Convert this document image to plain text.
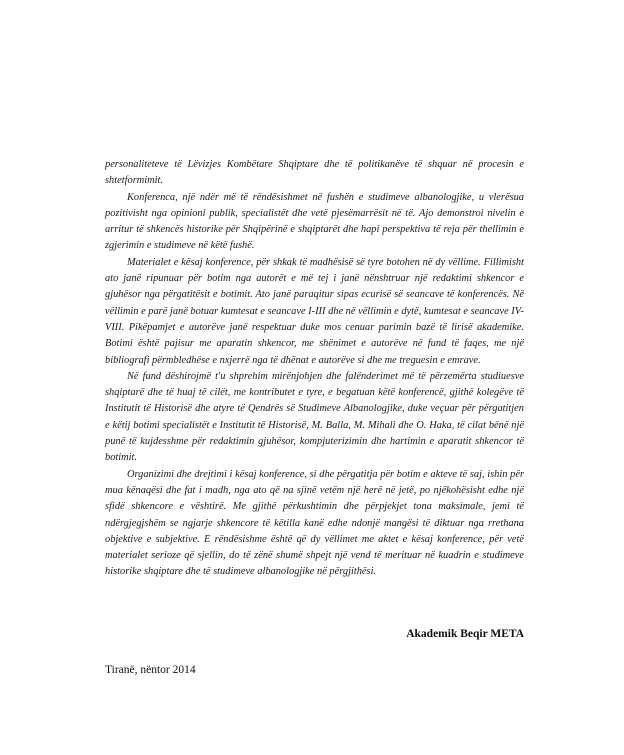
personaliteteve të Lëvizjes Kombëtare Shqiptare dhe të politikanëve të shquar në procesin e shtetformimit.

Konferenca, një ndër më të rëndësishmet në fushën e studimeve albanologjike, u vlerësua pozitivisht nga opinioni publik, specialistët dhe vetë pjesëmarrësit në të. Ajo demonstroi nivelin e arritur të shkencës historike për Shqipërinë e shqiptarët dhe hapi perspektiva të reja për thellimin e zgjerimin e studimeve në këtë fushë.

Materialet e kësaj konference, për shkak të madhësisë së tyre botohen në dy vëllime. Fillimisht ato janë ripunuar për botim nga autorët e më tej i janë nënshtruar një redaktimi shkencor e gjuhësor nga përgatitësit e botimit. Ato janë paraqitur sipas ecurisë së seancave të konferencës. Në vëllimin e parë janë botuar kumtesat e seancave I-III dhe në vëllimin e dytë, kumtesat e seancave IV-VIII. Pikëpamjet e autorëve janë respektuar duke mos cenuar parimin bazë të lirisë akademike. Botimi është pajisur me aparatin shkencor, me shënimet e autorëve në fund të faqes, me një bibliografi përmbledhëse e nxjerrë nga të dhënat e autorëve si dhe me treguesin e emrave.

Në fund dëshirojmë t'u shprehim mirënjohjen dhe falënderimet më të përzemërta studiuesve shqiptarë dhe të huaj të cilët, me kontributet e tyre, e begatuan këtë konferencë, gjithë kolegëve të Institutit të Historisë dhe atyre të Qendrës së Studimeve Albanologjike, duke veçuar për përgatitjen e këtij botimi specialistët e Institutit të Historisë, M. Balla, M. Mihali dhe O. Haka, të cilat bënë një punë të kujdesshme për redaktimin gjuhësor, kompjuterizimin dhe hartimin e aparatit shkencor të botimit.

Organizimi dhe drejtimi i kësaj konference, si dhe përgatitja për botim e akteve të saj, ishin për mua kënaqësi dhe fat i madh, nga ato që na sjinë vetëm një herë në jetë, po njëkohësisht edhe një sfidë shkencore e vështirë. Me gjithë përkushtimin dhe përpjekjet tona maksimale, jemi të ndërgjegjshëm se ngjarje shkencore të këtilla kanë edhe ndonjë mangësi të diktuar nga rrethana objektive e subjektive. E rëndësishme është që dy vëllimet me aktet e kësaj konference, për vetë materialet serioze që sjellin, do të zënë shumë shpejt një vend të merituar në kuadrin e studimeve historike shqiptare dhe të studimeve albanologjike në përgjithësi.

Akademik Beqir META
Tiranë, nëntor 2014
